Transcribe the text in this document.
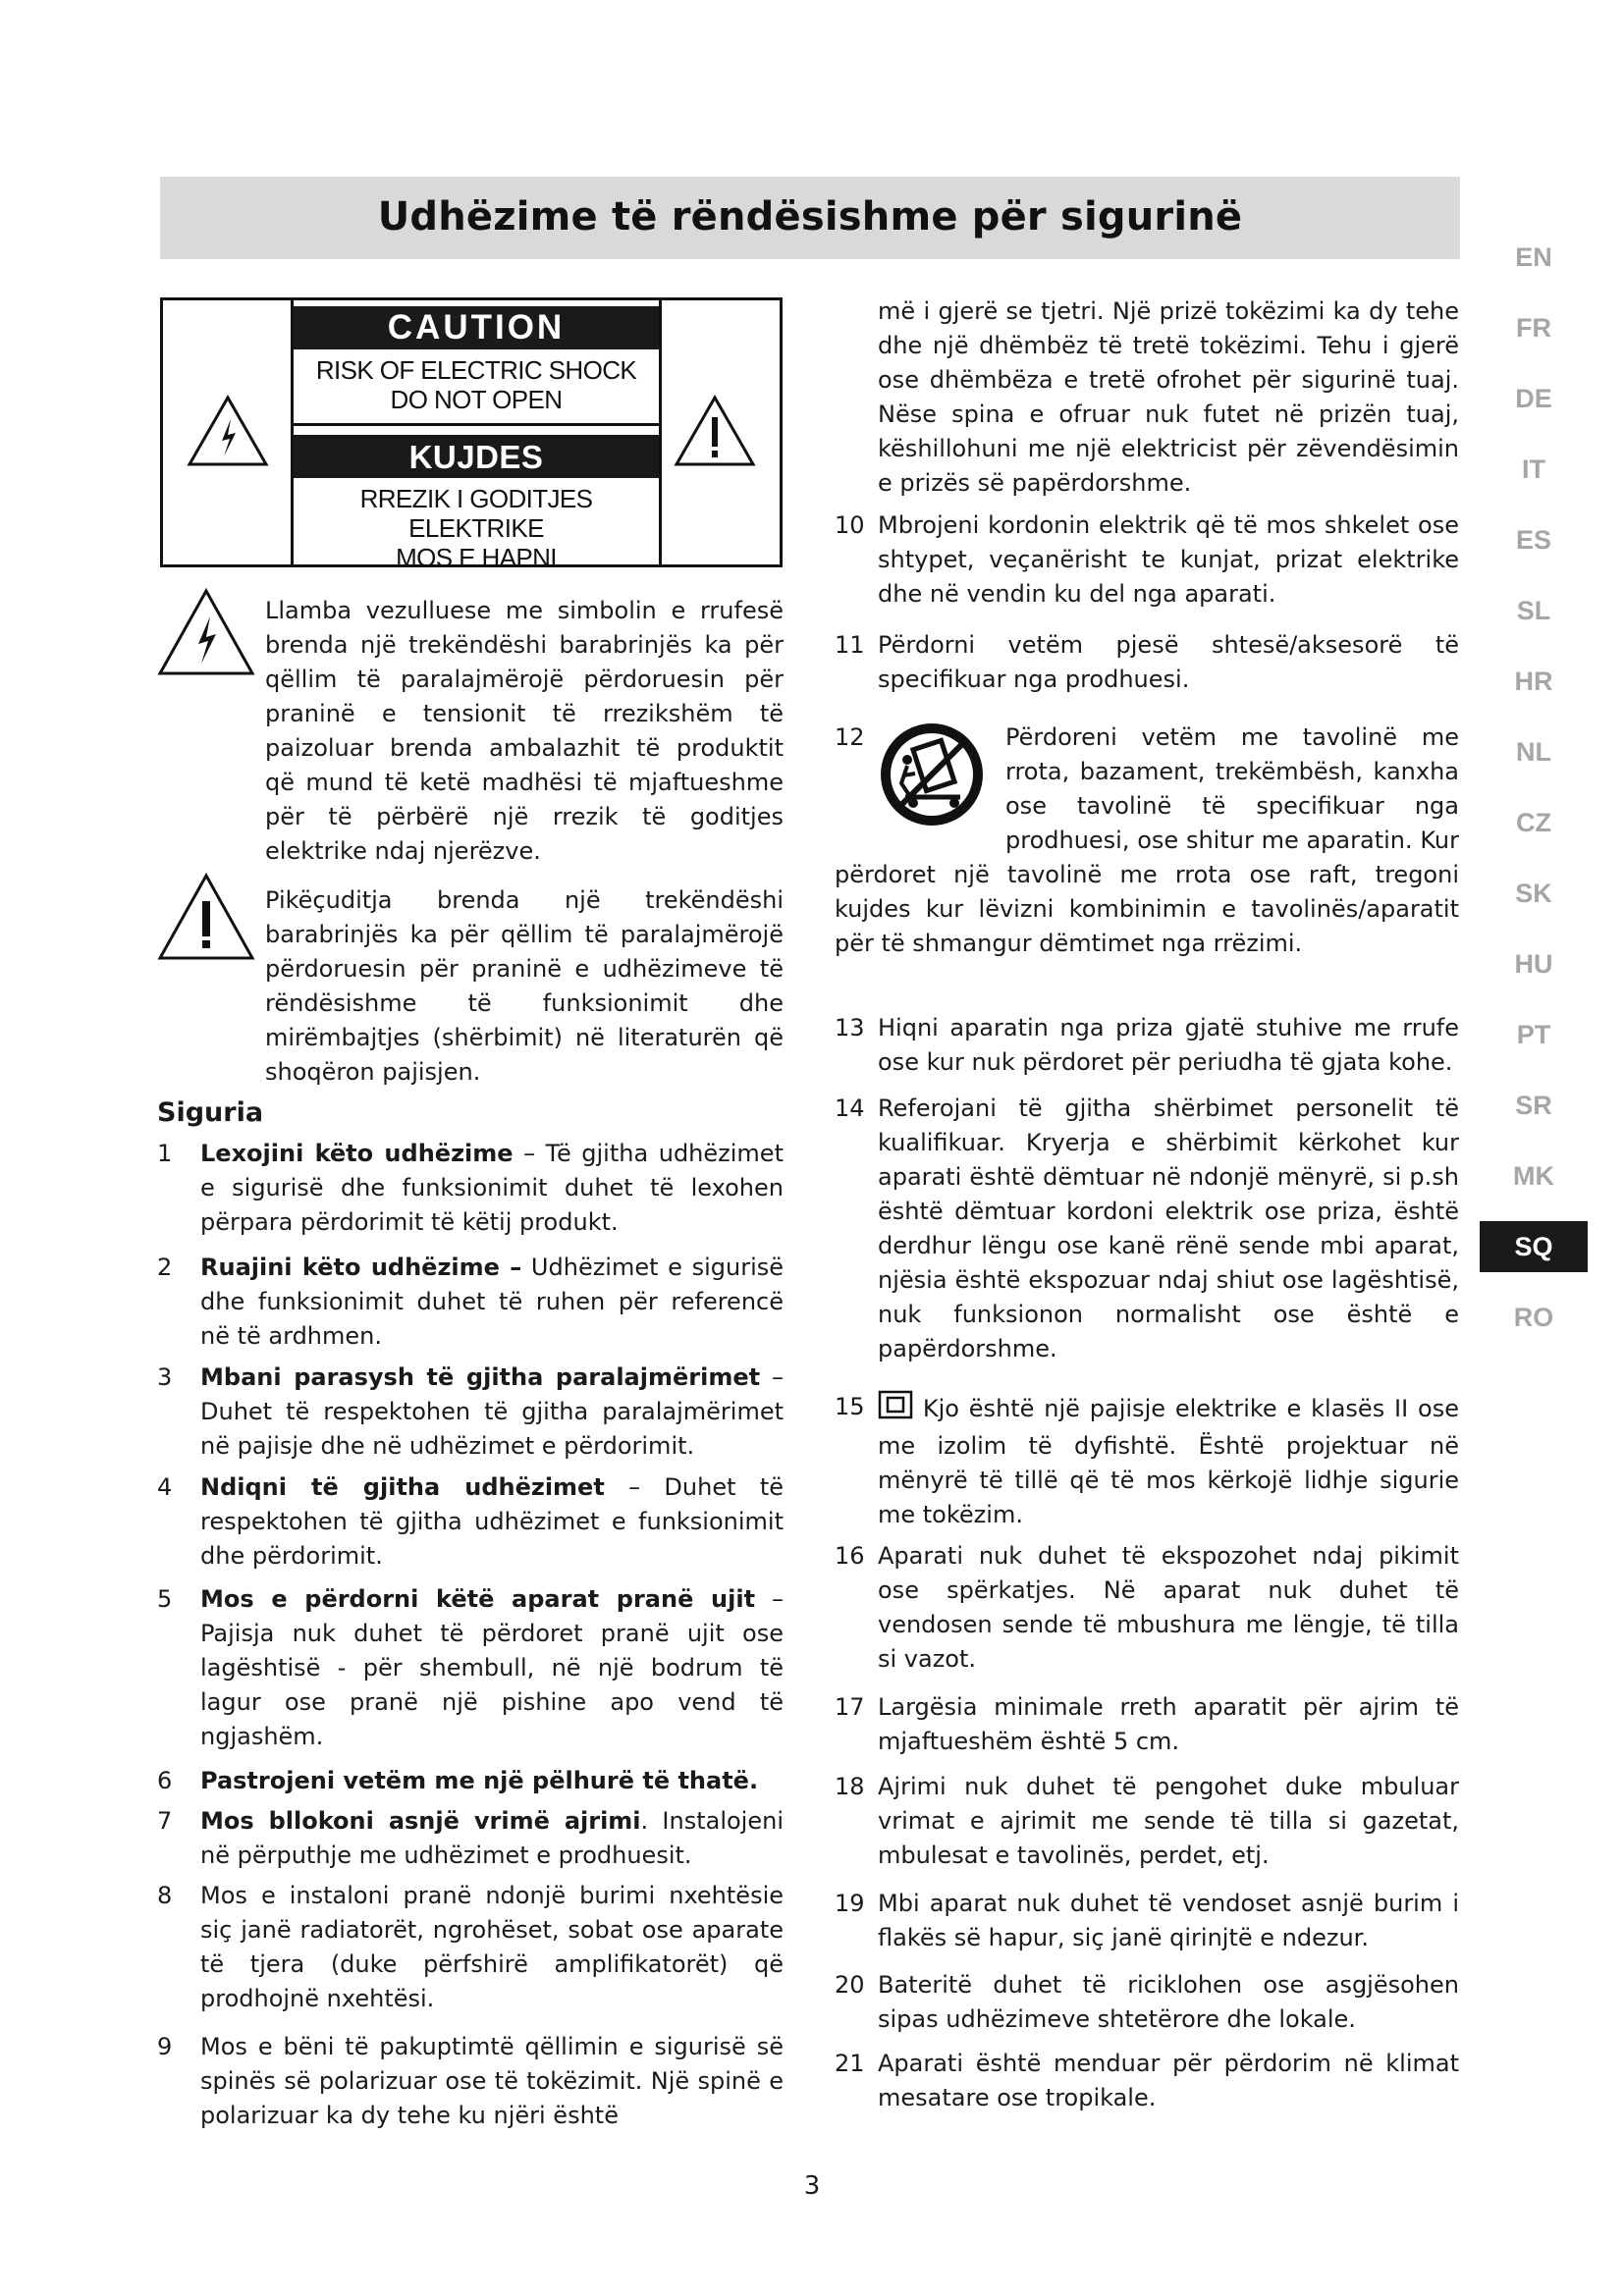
Udhëzime të rëndësishme për sigurinë
EN
FR
DE
IT
ES
SL
HR
NL
CZ
SK
HU
PT
SR
MK
SQ
RO
CAUTION
RISK OF ELECTRIC SHOCK
DO NOT OPEN
KUJDES
RREZIK I GODITJES ELEKTRIKE
MOS E HAPNI
Llamba vezulluese me simbolin e rrufesë brenda një trekëndëshi barabrinjës ka për qëllim të paralajmërojë përdoruesin për praninë e tensionit të rrezikshëm të paizoluar brenda ambalazhit të produktit që mund të ketë madhësi të mjaftueshme për të përbërë një rrezik të goditjes elektrike ndaj njerëzve.
Pikëçuditja brenda një trekëndëshi barabrinjës ka për qëllim të paralajmërojë përdoruesin për praninë e udhëzimeve të rëndësishme të funksionimit dhe mirëmbajtjes (shërbimit) në literaturën që shoqëron pajisjen.
Siguria
1 Lexojini këto udhëzime – Të gjitha udhëzimet e sigurisë dhe funksionimit duhet të lexohen përpara përdorimit të këtij produkt.
2 Ruajini këto udhëzime – Udhëzimet e sigurisë dhe funksionimit duhet të ruhen për referencë në të ardhmen.
3 Mbani parasysh të gjitha paralajmërimet – Duhet të respektohen të gjitha paralajmërimet në pajisje dhe në udhëzimet e përdorimit.
4 Ndiqni të gjitha udhëzimet – Duhet të respektohen të gjitha udhëzimet e funksionimit dhe përdorimit.
5 Mos e përdorni këtë aparat pranë ujit – Pajisja nuk duhet të përdoret pranë ujit ose lagështisë - për shembull, në një bodrum të lagur ose pranë një pishine apo vend të ngjashëm.
6 Pastrojeni vetëm me një pëlhurë të thatë.
7 Mos bllokoni asnjë vrimë ajrimi. Instalojeni në përputhje me udhëzimet e prodhuesit.
8 Mos e instaloni pranë ndonjë burimi nxehtësie siç janë radiatorët, ngrohëset, sobat ose aparate të tjera (duke përfshirë amplifikatorët) që prodhojnë nxehtësi.
9 Mos e bëni të pakuptimtë qëllimin e sigurisë së spinës së polarizuar ose të tokëzimit. Një spinë e polarizuar ka dy tehe ku njëri është
më i gjerë se tjetri. Një prizë tokëzimi ka dy tehe dhe një dhëmbëz të tretë tokëzimi. Tehu i gjerë ose dhëmbëza e tretë ofrohet për sigurinë tuaj. Nëse spina e ofruar nuk futet në prizën tuaj, këshillohuni me një elektricist për zëvendësimin e prizës së papërdorshme.
10 Mbrojeni kordonin elektrik që të mos shkelet ose shtypet, veçanërisht te kunjat, prizat elektrike dhe në vendin ku del nga aparati.
11 Përdorni vetëm pjesë shtesë/aksesorë të specifikuar nga prodhuesi.
12	Përdoreni vetëm me tavolinë me rrota, bazament, trekëmbësh, kanxha ose tavolinë të specifikuar nga prodhuesi, ose shitur me aparatin. Kur përdoret një tavolinë me rrota ose raft, tregoni kujdes kur lëvizni kombinimin e tavolinës/aparatit për të shmangur dëmtimet nga rrëzimi.
13 Hiqni aparatin nga priza gjatë stuhive me rrufe ose kur nuk përdoret për periudha të gjata kohe.
14 Referojani të gjitha shërbimet personelit të kualifikuar. Kryerja e shërbimit kërkohet kur aparati është dëmtuar në ndonjë mënyrë, si p.sh është dëmtuar kordoni elektrik ose priza, është derdhur lëngu ose kanë rënë sende mbi aparat, njësia është ekspozuar ndaj shiut ose lagështisë, nuk funksionon normalisht ose është e papërdorshme.
15	Kjo është një pajisje elektrike e klasës II ose me izolim të dyfishtë. Është projektuar në mënyrë të tillë që të mos kërkojë lidhje sigurie me tokëzim.
16 Aparati nuk duhet të ekspozohet ndaj pikimit ose spërkatjes. Në aparat nuk duhet të vendosen sende të mbushura me lëngje, të tilla si vazot.
17 Largësia minimale rreth aparatit për ajrim të mjaftueshëm është 5 cm.
18 Ajrimi nuk duhet të pengohet duke mbuluar vrimat e ajrimit me sende të tilla si gazetat, mbulesat e tavolinës, perdet, etj.
19 Mbi aparat nuk duhet të vendoset asnjë burim i flakës së hapur, siç janë qirinjtë e ndezur.
20 Bateritë duhet të riciklohen ose asgjësohen sipas udhëzimeve shtetërore dhe lokale.
21 Aparati është menduar për përdorim në klimat mesatare ose tropikale.
3
